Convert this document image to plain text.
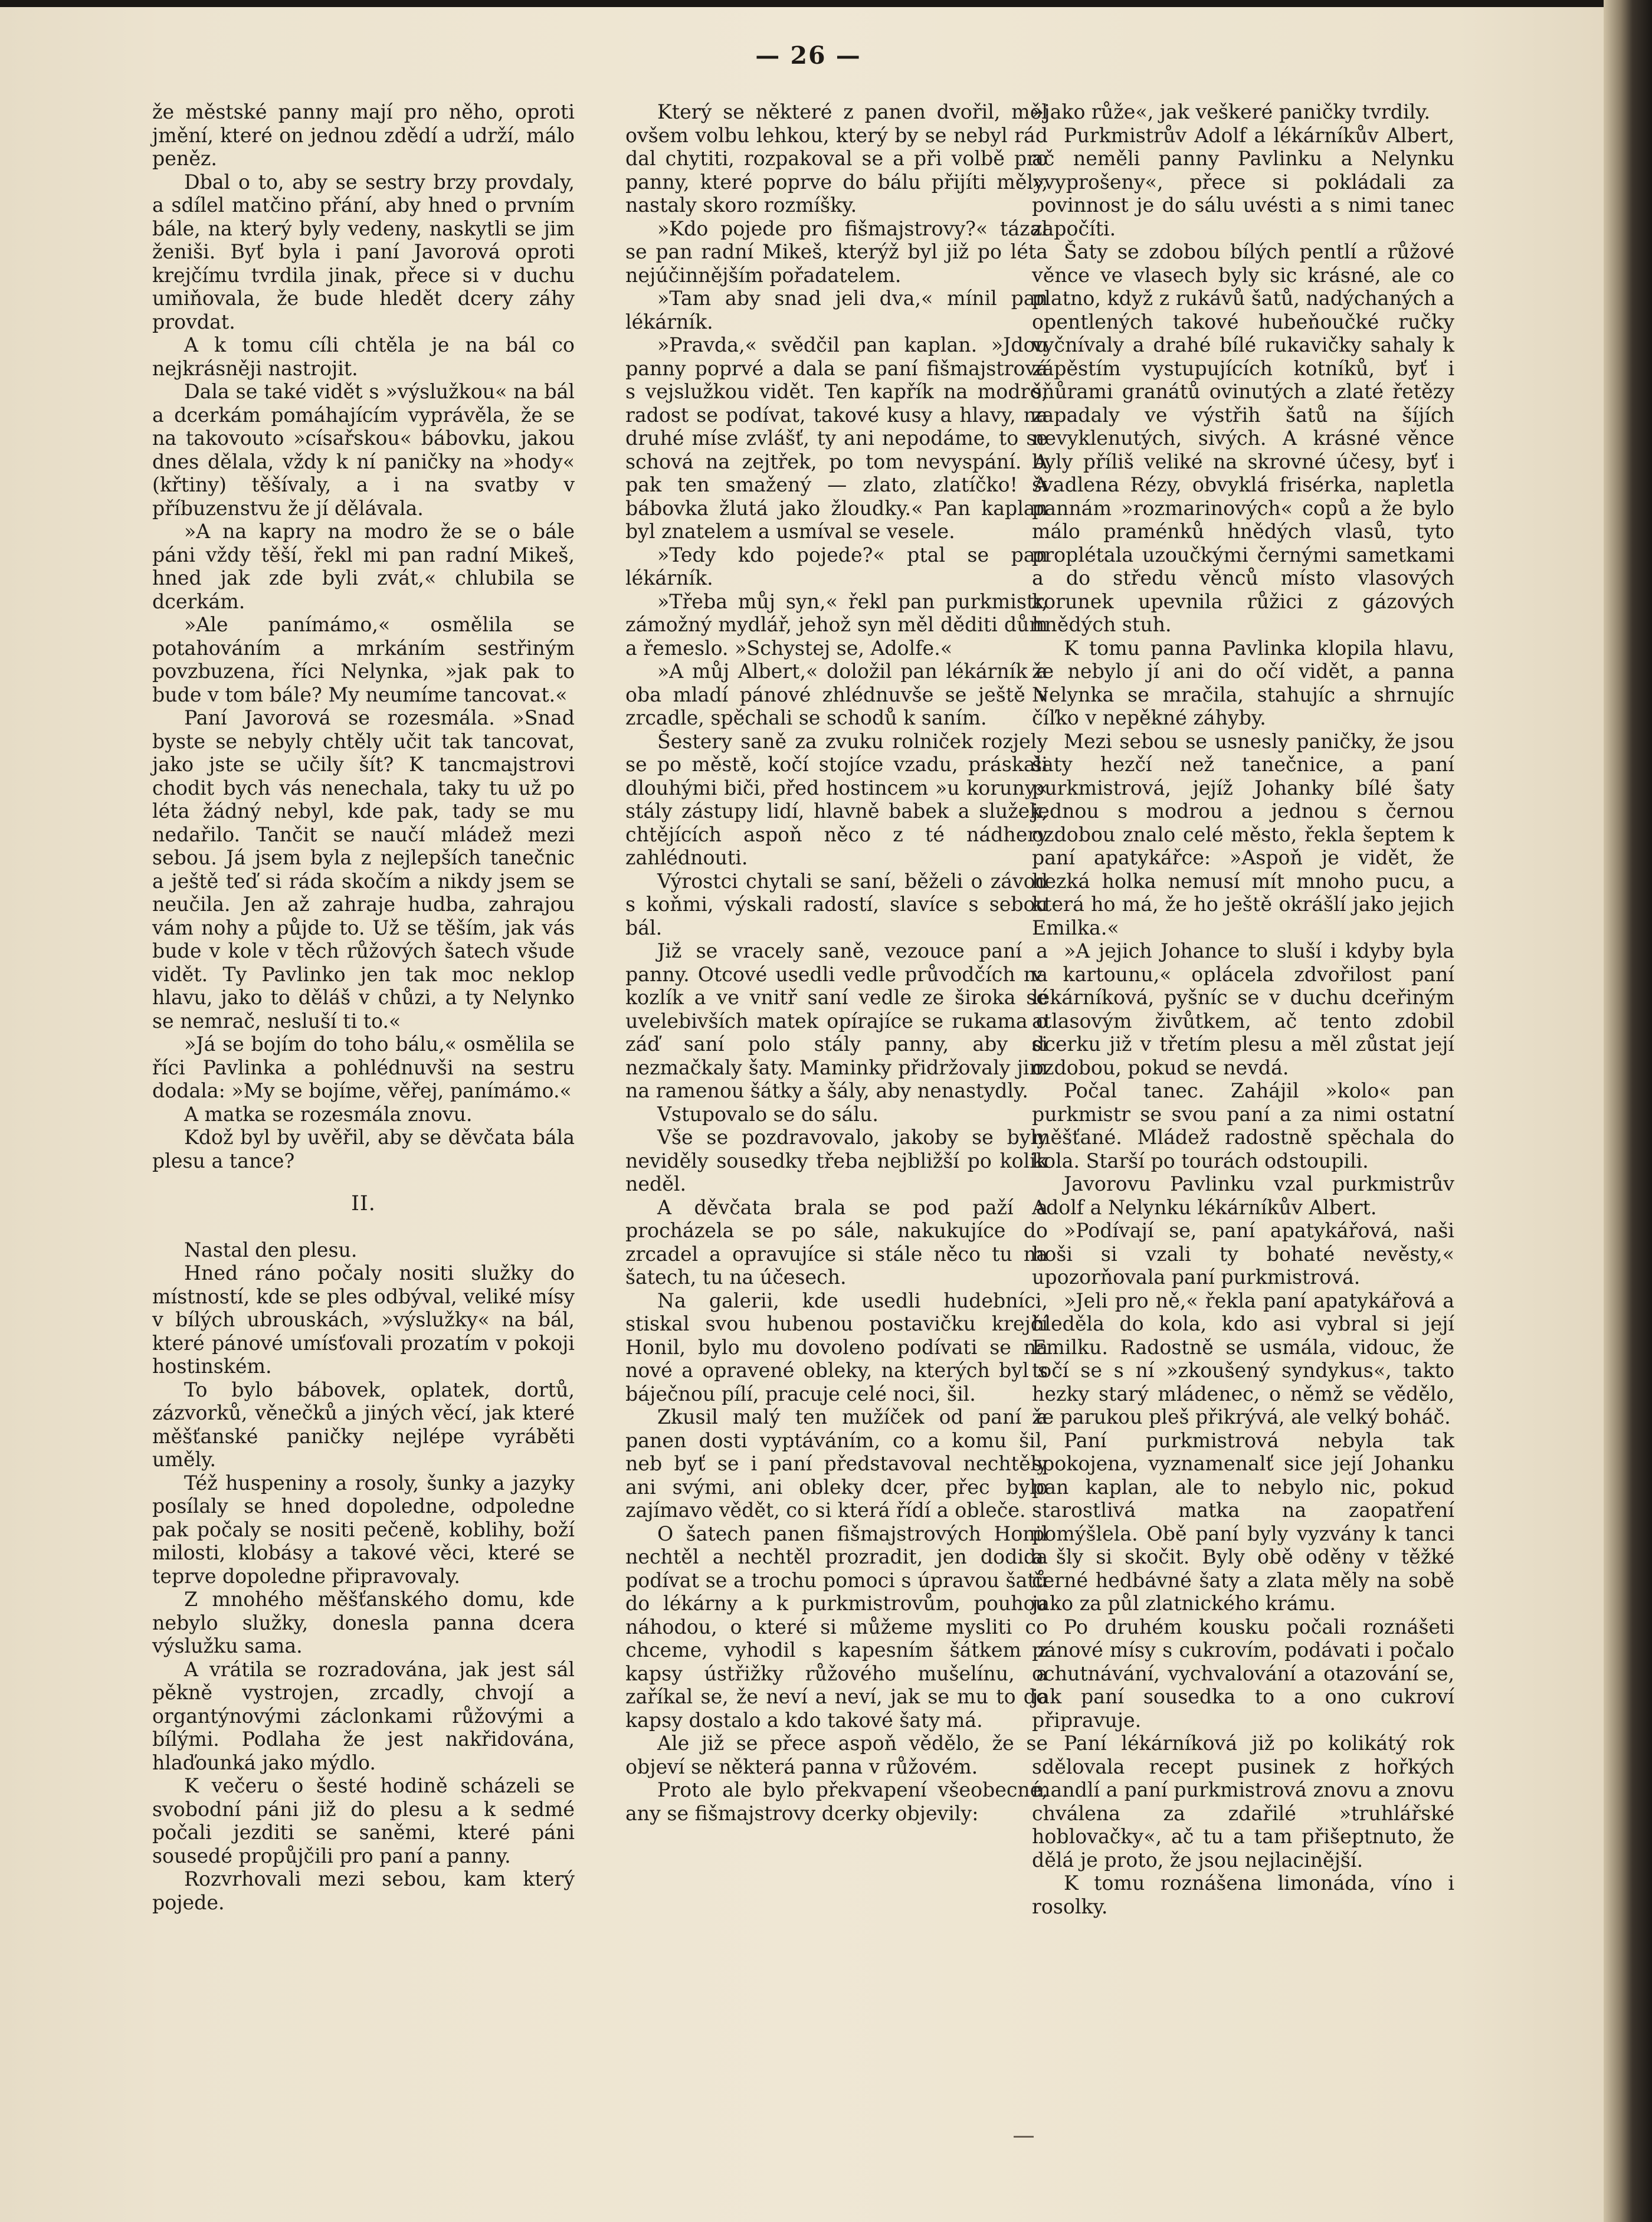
— 26 —

že městské panny mají pro něho, oproti jmění, které on jednou zdědí a udrží, málo peněz.

Dbal o to, aby se sestry brzy provdaly, a sdílel matčino přání, aby hned o prvním bále, na který byly vedeny, naskytli se jim ženiši. Byť byla i paní Javorová oproti krejčímu tvrdila jinak, přece si v duchu umiňovala, že bude hledět dcery záhy provdat.

A k tomu cíli chtěla je na bál co nejkrásněji nastrojit.

Dala se také vidět s »výslužkou« na bál a dcerkám pomáhajícím vyprávěla, že se na takovouto »císařskou« bábovku, jakou dnes dělala, vždy k ní paničky na »hody« (křtiny) těšívaly, a i na svatby v příbuzenstvu že jí dělávala.

»A na kapry na modro že se o bále páni vždy těší, řekl mi pan radní Mikeš, hned jak zde byli zvát,« chlubila se dcerkám.

»Ale panímámo,« osmělila se potahováním a mrkáním sestřiným povzbuzena, říci Nelynka, »jak pak to bude v tom bále? My neumíme tancovat.«

Paní Javorová se rozesmála. »Snad byste se nebyly chtěly učit tak tancovat, jako jste se učily šít? K tancmajstrovi chodit bych vás nenechala, taky tu už po léta žádný nebyl, kde pak, tady se mu nedařilo. Tančit se naučí mládež mezi sebou. Já jsem byla z nejlepších tanečnic a ještě teď si ráda skočím a nikdy jsem se neučila. Jen až zahraje hudba, zahrajou vám nohy a půjde to. Už se těším, jak vás bude v kole v těch růžových šatech všude vidět. Ty Pavlinko jen tak moc neklop hlavu, jako to děláš v chůzi, a ty Nelynko se nemrač, nesluší ti to.«

»Já se bojím do toho bálu,« osmělila se říci Pavlinka a pohlédnuvši na sestru dodala: »My se bojíme, věřej, panímámo.«

A matka se rozesmála znovu.

Kdož byl by uvěřil, aby se děvčata bála plesu a tance?

II.

Nastal den plesu.

Hned ráno počaly nositi služky do místností, kde se ples odbýval, veliké mísy v bílých ubrouskách, »výslužky« na bál, které pánové umísťovali prozatím v pokoji hostinském.

To bylo bábovek, oplatek, dortů, zázvorků, věnečků a jiných věcí, jak které měšťanské paničky nejlépe vyráběti uměly.

Též huspeniny a rosoly, šunky a jazyky posílaly se hned dopoledne, odpoledne pak počaly se nositi pečeně, koblihy, boží milosti, klobásy a takové věci, které se teprve dopoledne připravovaly.

Z mnohého měšťanského domu, kde nebylo služky, donesla panna dcera výslužku sama.

A vrátila se rozradována, jak jest sál pěkně vystrojen, zrcadly, chvojí a organtýnovými záclonkami růžovými a bílými. Podlaha že jest nakřidována, hlaďounká jako mýdlo.

K večeru o šesté hodině scházeli se svobodní páni již do plesu a k sedmé počali jezditi se saněmi, které páni sousedé propůjčili pro paní a panny.

Rozvrhovali mezi sebou, kam který pojede.

Který se některé z panen dvořil, měl ovšem volbu lehkou, který by se nebyl rád dal chytiti, rozpakoval se a při volbě pro panny, které poprve do bálu přijíti měly, nastaly skoro rozmíšky.

»Kdo pojede pro fišmajstrovy?« tázal se pan radní Mikeš, kterýž byl již po léta nejúčinnějším pořadatelem.

»Tam aby snad jeli dva,« mínil pan lékárník.

»Pravda,« svědčil pan kaplan. »Jdou panny poprvé a dala se paní fišmajstrová s vejslužkou vidět. Ten kapřík na modro, radost se podívat, takové kusy a hlavy, na druhé míse zvlášť, ty ani nepodáme, to se schová na zejtřek, po tom nevyspání. A pak ten smažený — zlato, zlatíčko! A bábovka žlutá jako žloudky.« Pan kaplan byl znatelem a usmíval se vesele.

»Tedy kdo pojede?« ptal se pan lékárník.

»Třeba můj syn,« řekl pan purkmistr, zámožný mydlář, jehož syn měl děditi dům a řemeslo. »Schystej se, Adolfe.«

»A můj Albert,« doložil pan lékárník a oba mladí pánové zhlédnuvše se ještě v zrcadle, spěchali se schodů k saním.

Šestery saně za zvuku rolniček rozjely se po městě, kočí stojíce vzadu, práskali dlouhými biči, před hostincem »u koruny« stály zástupy lidí, hlavně babek a služek, chtějících aspoň něco z té nádhery zahlédnouti.

Výrostci chytali se saní, běželi o závod s koňmi, výskali radostí, slavíce s sebou bál.

Již se vracely saně, vezouce paní a panny. Otcové usedli vedle průvodčích na kozlík a ve vnitř saní vedle ze široka se uvelebivších matek opírajíce se rukama o záď saní polo stály panny, aby si nezmačkaly šaty. Maminky přidržovaly jim na ramenou šátky a šály, aby nenastydly.

Vstupovalo se do sálu.

Vše se pozdravovalo, jakoby se byly neviděly sousedky třeba nejbližší po kolik neděl.

A děvčata brala se pod paží a procházela se po sále, nakukujíce do zrcadel a opravujíce si stále něco tu na šatech, tu na účesech.

Na galerii, kde usedli hudebníci, stiskal svou hubenou postavičku krejčí Honil, bylo mu dovoleno podívati se na nové a opravené obleky, na kterých byl s báječnou pílí, pracuje celé noci, šil.

Zkusil malý ten mužíček od paní a panen dosti vyptáváním, co a komu šil, neb byť se i paní představoval nechtěly ani svými, ani obleky dcer, přec bylo zajímavo vědět, co si která řídí a obleče.

O šatech panen fišmajstrových Honil nechtěl a nechtěl prozradit, jen dodida podívat se a trochu pomoci s úpravou šatů do lékárny a k purkmistrovům, pouhou náhodou, o které si můžeme mysliti co chceme, vyhodil s kapesním šátkem z kapsy ústřižky růžového mušelínu, a zaříkal se, že neví a neví, jak se mu to do kapsy dostalo a kdo takové šaty má.

Ale již se přece aspoň vědělo, že se objeví se některá panna v růžovém.

Proto ale bylo překvapení všeobecné, any se fišmajstrovy dcerky objevily:

»jako růže«, jak veškeré paničky tvrdily.

Purkmistrův Adolf a lékárníkův Albert, ač neměli panny Pavlinku a Nelynku »vyprošeny«, přece si pokládali za povinnost je do sálu uvésti a s nimi tanec započíti.

Šaty se zdobou bílých pentlí a růžové věnce ve vlasech byly sic krásné, ale co platno, když z rukávů šatů, nadýchaných a opentlených takové hubeňoučké ručky vyčnívaly a drahé bílé rukavičky sahaly k zápěstím vystupujících kotníků, byť i šňůrami granátů ovinutých a zlaté řetězy zapadaly ve výstřih šatů na šíjích nevyklenutých, sivých. A krásné věnce byly příliš veliké na skrovné účesy, byť i švadlena Rézy, obvyklá frisérka, napletla pannám »rozmarinových« copů a že bylo málo praménků hnědých vlasů, tyto proplétala uzoučkými černými sametkami a do středu věnců místo vlasových korunek upevnila růžici z gázových hnědých stuh.

K tomu panna Pavlinka klopila hlavu, že nebylo jí ani do očí vidět, a panna Nelynka se mračila, stahujíc a shrnujíc číľko v nepěkné záhyby.

Mezi sebou se usnesly paničky, že jsou šaty hezčí než tanečnice, a paní purkmistrová, jejíž Johanky bílé šaty jednou s modrou a jednou s černou ozdobou znalo celé město, řekla šeptem k paní apatykářce: »Aspoň je vidět, že hezká holka nemusí mít mnoho pucu, a která ho má, že ho ještě okrášlí jako jejich Emilka.«

»A jejich Johance to sluší i kdyby byla v kartounu,« oplácela zdvořilost paní lékárníková, pyšníc se v duchu dceřiným atlasovým živůtkem, ač tento zdobil dcerku již v třetím plesu a měl zůstat její ozdobou, pokud se nevdá.

Počal tanec. Zahájil »kolo« pan purkmistr se svou paní a za nimi ostatní měšťané. Mládež radostně spěchala do kola. Starší po tourách odstoupili.

Javorovu Pavlinku vzal purkmistrův Adolf a Nelynku lékárníkův Albert.

»Podívají se, paní apatykářová, naši hoši si vzali ty bohaté nevěsty,« upozorňovala paní purkmistrová.

»Jeli pro ně,« řekla paní apatykářová a hleděla do kola, kdo asi vybral si její Emilku. Radostně se usmála, vidouc, že točí se s ní »zkoušený syndykus«, takto hezky starý mládenec, o němž se vědělo, že parukou pleš přikrývá, ale velký boháč.

Paní purkmistrová nebyla tak spokojena, vyznamenalť sice její Johanku pan kaplan, ale to nebylo nic, pokud starostlivá matka na zaopatření pomýšlela. Obě paní byly vyzvány k tanci a šly si skočit. Byly obě oděny v těžké černé hedbávné šaty a zlata měly na sobě jako za půl zlatnického krámu.

Po druhém kousku počali roznášeti pánové mísy s cukrovím, podávati i počalo ochutnávání, vychvalování a otazování se, jak paní sousedka to a ono cukroví připravuje.

Paní lékárníková již po kolikátý rok sdělovala recept pusinek z hořkých mandlí a paní purkmistrová znovu a znovu chválena za zdařilé »truhlářské hoblovačky«, ač tu a tam přišeptnuto, že dělá je proto, že jsou nejlacinější.

K tomu roznášena limonáda, víno i rosolky.
